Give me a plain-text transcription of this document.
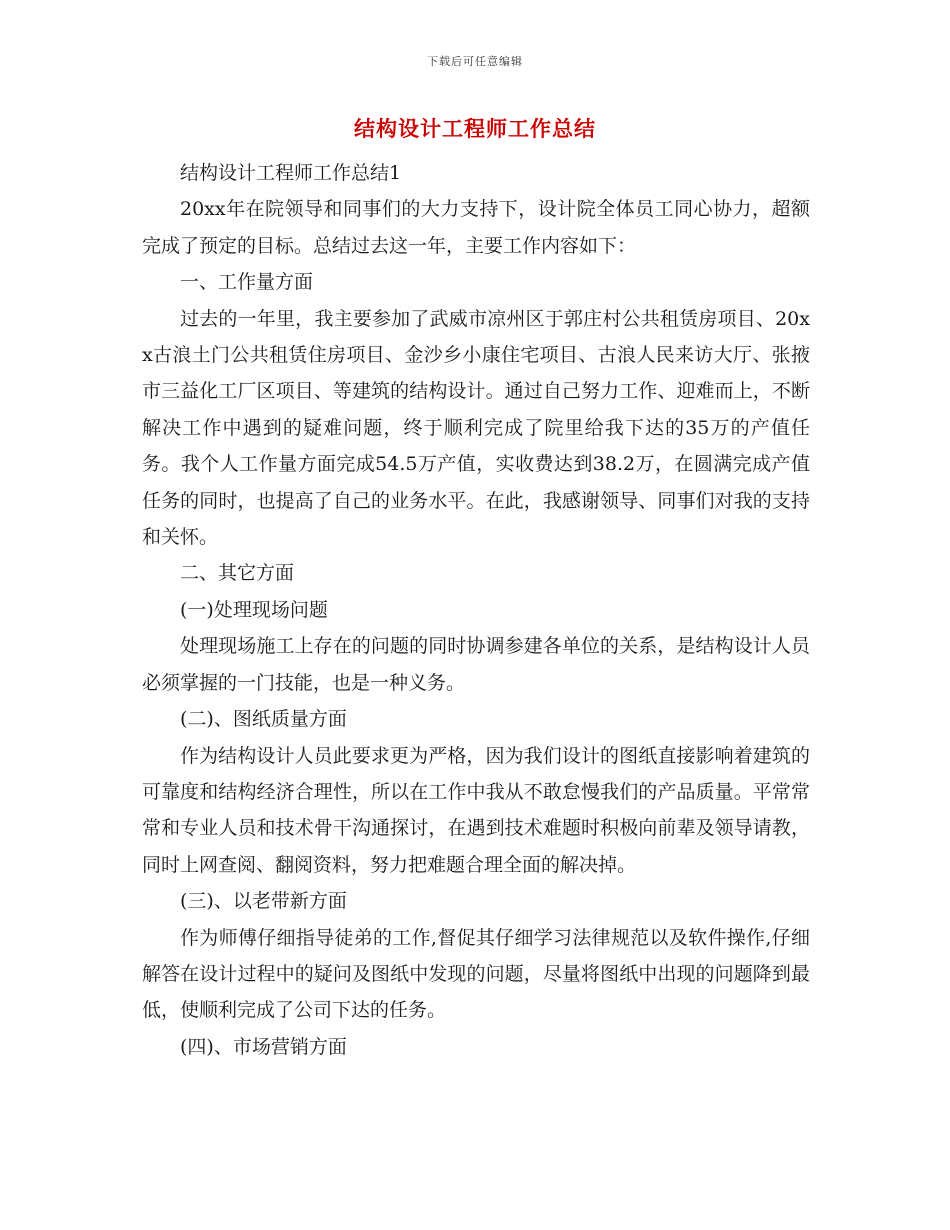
下载后可任意编辑
结构设计工程师工作总结

结构设计工程师工作总结1

20xx年在院领导和同事们的大力支持下，设计院全体员工同心协力，超额完成了预定的目标。总结过去这一年，主要工作内容如下：

一、工作量方面

过去的一年里，我主要参加了武威市凉州区于郭庄村公共租赁房项目、20xx古浪土门公共租赁住房项目、金沙乡小康住宅项目、古浪人民来访大厅、张掖市三益化工厂区项目、等建筑的结构设计。通过自己努力工作、迎难而上，不断解决工作中遇到的疑难问题，终于顺利完成了院里给我下达的35万的产值任务。我个人工作量方面完成54.5万产值，实收费达到38.2万，在圆满完成产值任务的同时，也提高了自己的业务水平。在此，我感谢领导、同事们对我的支持和关怀。

二、其它方面

(一)处理现场问题

处理现场施工上存在的问题的同时协调参建各单位的关系，是结构设计人员必须掌握的一门技能，也是一种义务。

(二)、图纸质量方面

作为结构设计人员此要求更为严格，因为我们设计的图纸直接影响着建筑的可靠度和结构经济合理性，所以在工作中我从不敢怠慢我们的产品质量。平常常常和专业人员和技术骨干沟通探讨，在遇到技术难题时积极向前辈及领导请教，同时上网查阅、翻阅资料，努力把难题合理全面的解决掉。

(三)、以老带新方面

作为师傅仔细指导徒弟的工作,督促其仔细学习法律规范以及软件操作,仔细解答在设计过程中的疑问及图纸中发现的问题，尽量将图纸中出现的问题降到最低，使顺利完成了公司下达的任务。

(四)、市场营销方面
